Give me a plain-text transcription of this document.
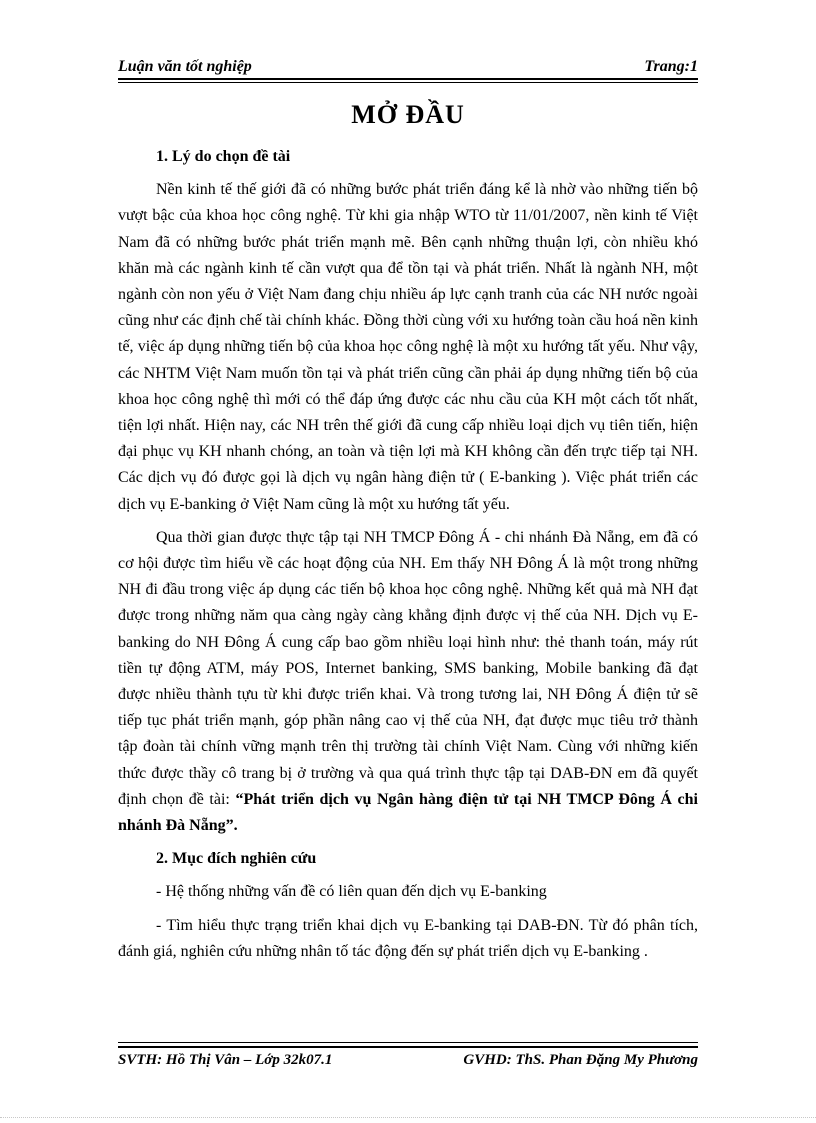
Luận văn tốt nghiệp	Trang:1
MỞ ĐẦU
1. Lý do chọn đề tài

Nền kinh tế thế giới đã có những bước phát triển đáng kể là nhờ vào những tiến bộ vượt bậc của khoa học công nghệ. Từ khi gia nhập WTO từ 11/01/2007, nền kinh tế Việt Nam đã có những bước phát triển mạnh mẽ. Bên cạnh những thuận lợi, còn nhiều khó khăn mà các ngành kinh tế cần vượt qua để tồn tại và phát triển. Nhất là ngành NH, một ngành còn non yếu ở Việt Nam đang chịu nhiều áp lực cạnh tranh của các NH nước ngoài cũng như các định chế tài chính khác. Đồng thời cùng với xu hướng toàn cầu hoá nền kinh tế, việc áp dụng những tiến bộ của khoa học công nghệ là một xu hướng tất yếu. Như vậy, các NHTM Việt Nam muốn tồn tại và phát triển cũng cần phải áp dụng những tiến bộ của khoa học công nghệ thì mới có thể đáp ứng được các nhu cầu của KH một cách tốt nhất, tiện lợi nhất. Hiện nay, các NH trên thế giới đã cung cấp nhiều loại dịch vụ tiên tiến, hiện đại phục vụ KH nhanh chóng, an toàn và tiện lợi mà KH không cần đến trực tiếp tại NH. Các dịch vụ đó được gọi là dịch vụ ngân hàng điện tử ( E-banking ). Việc phát triển các dịch vụ E-banking ở Việt Nam cũng là một xu hướng tất yếu.

Qua thời gian được thực tập tại NH TMCP Đông Á - chi nhánh Đà Nẵng, em đã có cơ hội được tìm hiểu về các hoạt động của NH. Em thấy NH Đông Á là một trong những NH đi đầu trong việc áp dụng các tiến bộ khoa học công nghệ. Những kết quả mà NH đạt được trong những năm qua càng ngày càng khẳng định được vị thế của NH. Dịch vụ E-banking do NH Đông Á cung cấp bao gồm nhiều loại hình như: thẻ thanh toán, máy rút tiền tự động ATM, máy POS, Internet banking, SMS banking, Mobile banking đã đạt được nhiều thành tựu từ khi được triển khai. Và trong tương lai, NH Đông Á điện tử sẽ tiếp tục phát triển mạnh, góp phần nâng cao vị thế của NH, đạt được mục tiêu trở thành tập đoàn tài chính vững mạnh trên thị trường tài chính Việt Nam. Cùng với những kiến thức được thầy cô trang bị ở trường và qua quá trình thực tập tại DAB-ĐN em đã quyết định chọn đề tài: “Phát triển dịch vụ Ngân hàng điện tử tại NH TMCP Đông Á chi nhánh Đà Nẵng”.

2. Mục đích nghiên cứu

- Hệ thống những vấn đề có liên quan đến dịch vụ E-banking

- Tìm hiểu thực trạng triển khai dịch vụ E-banking tại DAB-ĐN. Từ đó phân tích, đánh giá, nghiên cứu những nhân tố tác động đến sự phát triển dịch vụ E-banking .

SVTH: Hồ Thị Vân – Lớp 32k07.1	GVHD: ThS. Phan Đặng My Phương
